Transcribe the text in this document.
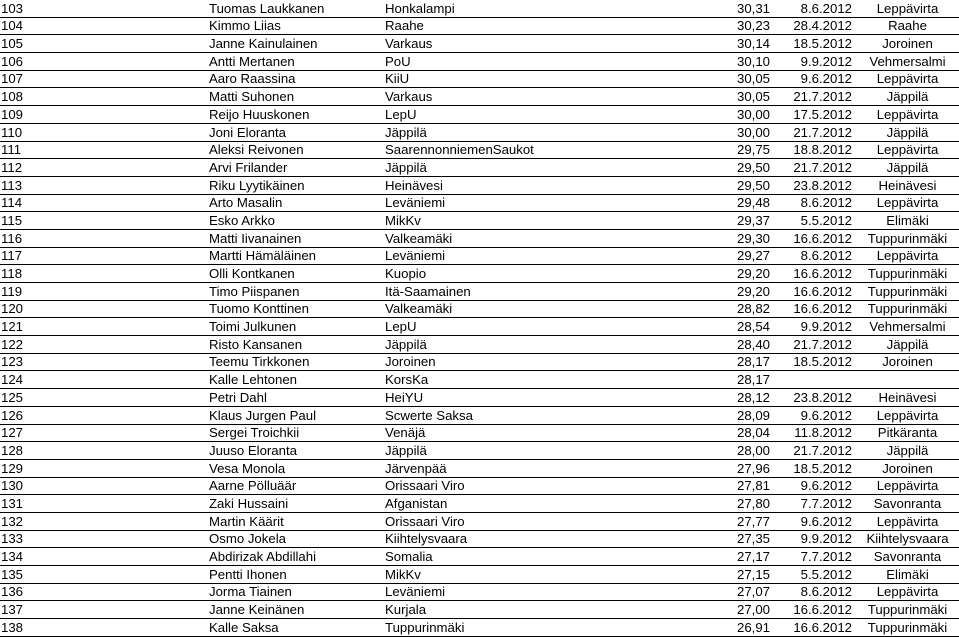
103	Tuomas Laukkanen	Honkalampi	30,31	8.6.2012	Leppävirta
104	Kimmo Liias	Raahe	30,23	28.4.2012	Raahe
105	Janne Kainulainen	Varkaus	30,14	18.5.2012	Joroinen
106	Antti Mertanen	PoU	30,10	9.9.2012	Vehmersalmi
107	Aaro Raassina	KiiU	30,05	9.6.2012	Leppävirta
108	Matti Suhonen	Varkaus	30,05	21.7.2012	Jäppilä
109	Reijo Huuskonen	LepU	30,00	17.5.2012	Leppävirta
110	Joni Eloranta	Jäppilä	30,00	21.7.2012	Jäppilä
111	Aleksi Reivonen	SaarennonniemenSaukot	29,75	18.8.2012	Leppävirta
112	Arvi Frilander	Jäppilä	29,50	21.7.2012	Jäppilä
113	Riku Lyytikäinen	Heinävesi	29,50	23.8.2012	Heinävesi
114	Arto Masalin	Leväniemi	29,48	8.6.2012	Leppävirta
115	Esko Arkko	MikKv	29,37	5.5.2012	Elimäki
116	Matti Iivanainen	Valkeamäki	29,30	16.6.2012	Tuppurinmäki
117	Martti Hämäläinen	Leväniemi	29,27	8.6.2012	Leppävirta
118	Olli Kontkanen	Kuopio	29,20	16.6.2012	Tuppurinmäki
119	Timo Piispanen	Itä-Saamainen	29,20	16.6.2012	Tuppurinmäki
120	Tuomo Konttinen	Valkeamäki	28,82	16.6.2012	Tuppurinmäki
121	Toimi Julkunen	LepU	28,54	9.9.2012	Vehmersalmi
122	Risto Kansanen	Jäppilä	28,40	21.7.2012	Jäppilä
123	Teemu Tirkkonen	Joroinen	28,17	18.5.2012	Joroinen
124	Kalle Lehtonen	KorsKa	28,17		
125	Petri Dahl	HeiYU	28,12	23.8.2012	Heinävesi
126	Klaus Jurgen Paul	Scwerte Saksa	28,09	9.6.2012	Leppävirta
127	Sergei Troichkii	Venäjä	28,04	11.8.2012	Pitkäranta
128	Juuso Eloranta	Jäppilä	28,00	21.7.2012	Jäppilä
129	Vesa Monola	Järvenpää	27,96	18.5.2012	Joroinen
130	Aarne Pölluäär	Orissaari Viro	27,81	9.6.2012	Leppävirta
131	Zaki Hussaini	Afganistan	27,80	7.7.2012	Savonranta
132	Martin Käärit	Orissaari Viro	27,77	9.6.2012	Leppävirta
133	Osmo Jokela	Kiihtelysvaara	27,35	9.9.2012	Kiihtelysvaara
134	Abdirizak Abdillahi	Somalia	27,17	7.7.2012	Savonranta
135	Pentti Ihonen	MikKv	27,15	5.5.2012	Elimäki
136	Jorma Tiainen	Leväniemi	27,07	8.6.2012	Leppävirta
137	Janne Keinänen	Kurjala	27,00	16.6.2012	Tuppurinmäki
138	Kalle Saksa	Tuppurinmäki	26,91	16.6.2012	Tuppurinmäki
